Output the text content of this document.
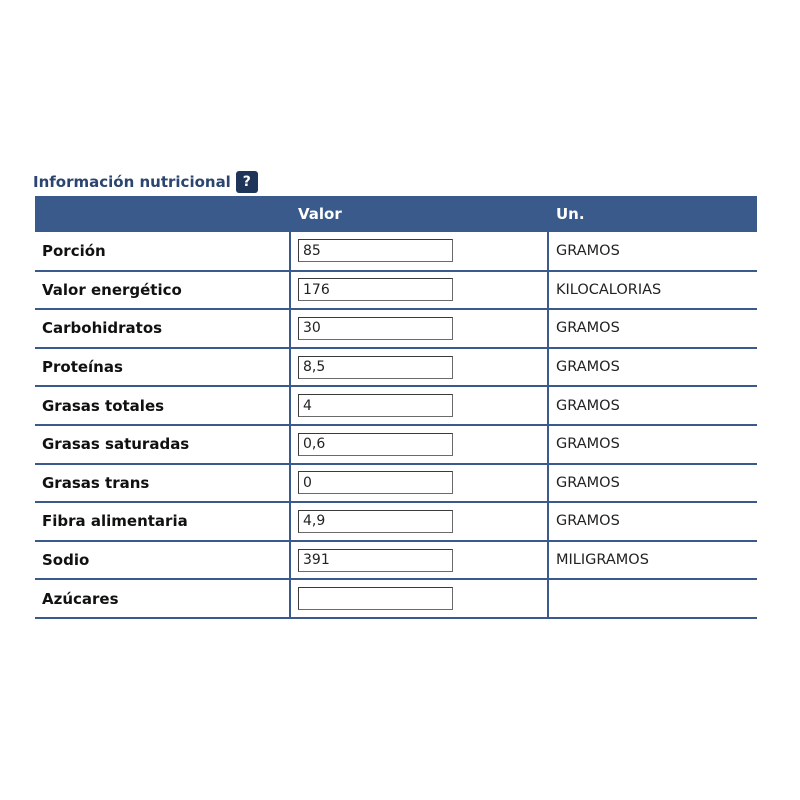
Información nutricional ?
	Valor	Un.
Porción	85	GRAMOS
Valor energético	176	KILOCALORIAS
Carbohidratos	30	GRAMOS
Proteínas	8,5	GRAMOS
Grasas totales	4	GRAMOS
Grasas saturadas	0,6	GRAMOS
Grasas trans	0	GRAMOS
Fibra alimentaria	4,9	GRAMOS
Sodio	391	MILIGRAMOS
Azúcares		
